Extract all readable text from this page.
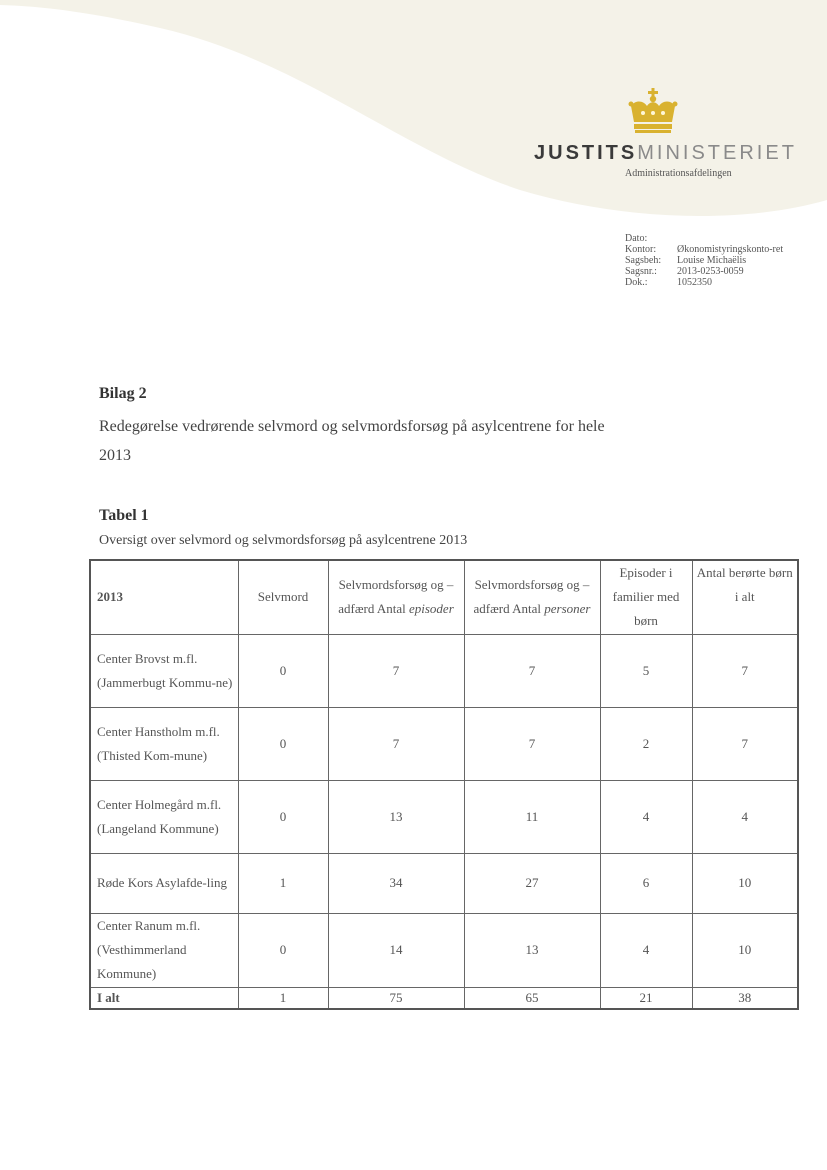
JUSTITSMINISTERIET
Administrationsafdelingen
Dato:
Kontor:	Økonomistyringskonto-ret
Sagsbeh:	Louise Michaëlis
Sagsnr.:	2013-0253-0059
Dok.:	1052350
Bilag 2
Redegørelse vedrørende selvmord og selvmordsforsøg på asylcentrene for hele 2013
Tabel 1
Oversigt over selvmord og selvmordsforsøg på asylcentrene 2013
2013	Selvmord	Selvmordsforsøg og –adfærd Antal episoder	Selvmordsforsøg og –adfærd Antal personer	Episoder i familier med børn	Antal berørte børn i alt
Center Brovst m.fl. (Jammerbugt Kommu-ne)	0	7	7	5	7
Center Hanstholm m.fl. (Thisted Kom-mune)	0	7	7	2	7
Center Holmegård m.fl. (Langeland Kommune)	0	13	11	4	4
Røde Kors Asylafde-ling	1	34	27	6	10
Center Ranum m.fl. (Vesthimmerland Kommune)	0	14	13	4	10
I alt	1	75	65	21	38
